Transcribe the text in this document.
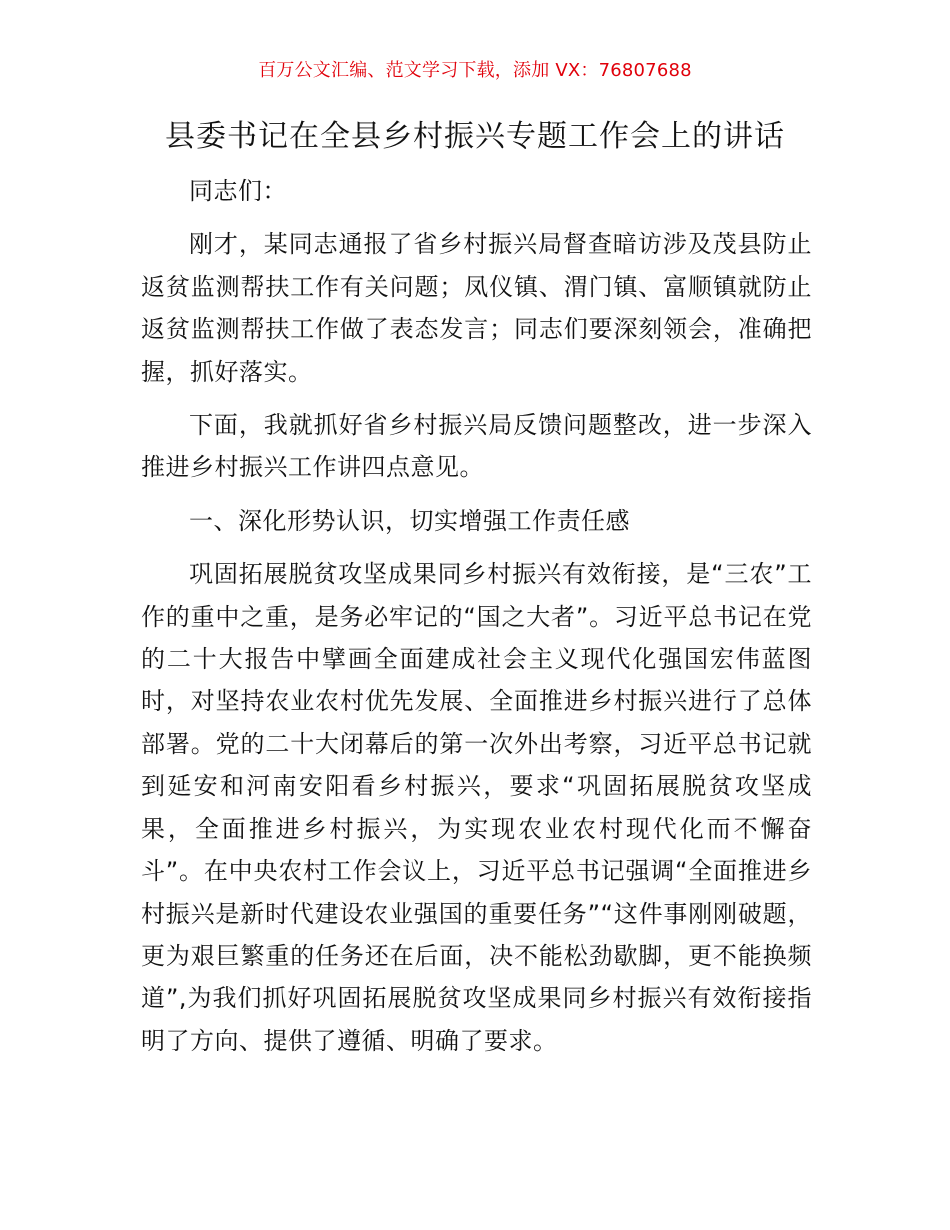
百万公文汇编、范文学习下载，添加 VX：76807688
县委书记在全县乡村振兴专题工作会上的讲话

同志们：

刚才，某同志通报了省乡村振兴局督查暗访涉及茂县防止返贫监测帮扶工作有关问题；凤仪镇、渭门镇、富顺镇就防止返贫监测帮扶工作做了表态发言；同志们要深刻领会，准确把握，抓好落实。

下面，我就抓好省乡村振兴局反馈问题整改，进一步深入推进乡村振兴工作讲四点意见。

一、深化形势认识，切实增强工作责任感

巩固拓展脱贫攻坚成果同乡村振兴有效衔接，是“三农”工作的重中之重，是务必牢记的“国之大者”。习近平总书记在党的二十大报告中擘画全面建成社会主义现代化强国宏伟蓝图时，对坚持农业农村优先发展、全面推进乡村振兴进行了总体部署。党的二十大闭幕后的第一次外出考察，习近平总书记就到延安和河南安阳看乡村振兴，要求“巩固拓展脱贫攻坚成果，全面推进乡村振兴，为实现农业农村现代化而不懈奋斗”。在中央农村工作会议上，习近平总书记强调“全面推进乡村振兴是新时代建设农业强国的重要任务”“这件事刚刚破题，更为艰巨繁重的任务还在后面，决不能松劲歇脚，更不能换频道”,为我们抓好巩固拓展脱贫攻坚成果同乡村振兴有效衔接指明了方向、提供了遵循、明确了要求。
